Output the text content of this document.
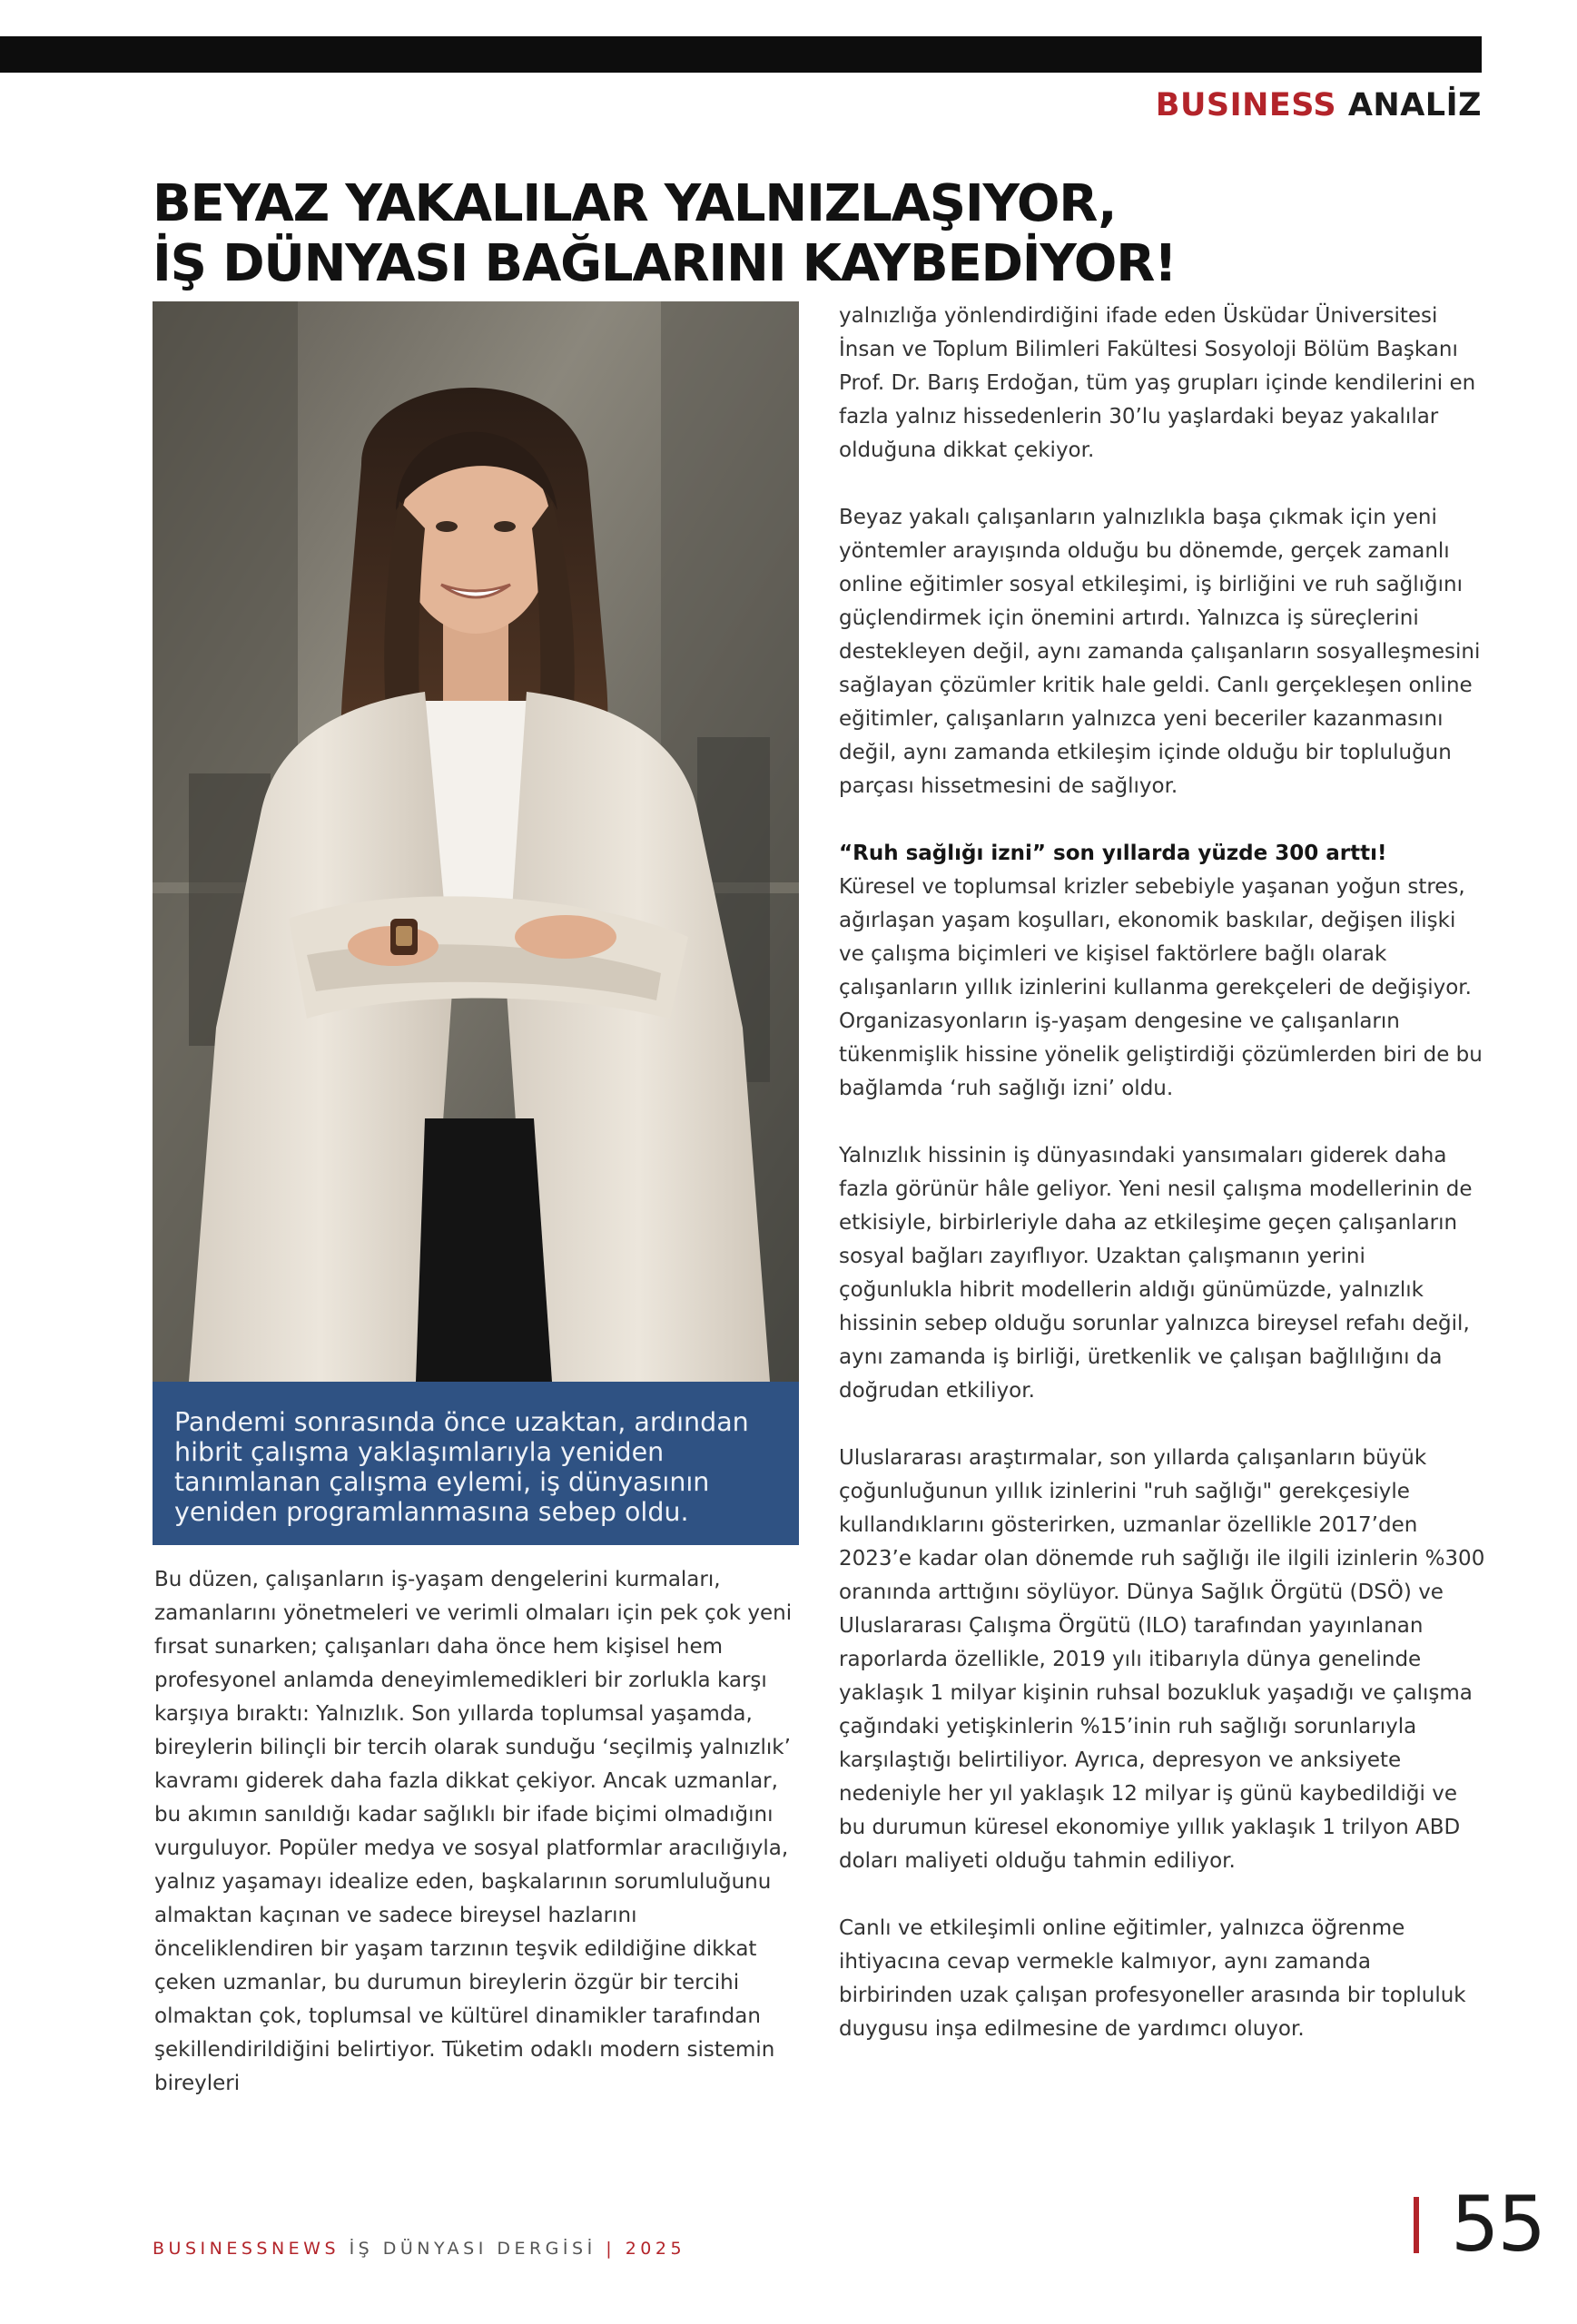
BUSINESS ANALİZ
BEYAZ YAKALILAR YALNIZLAŞIYOR,
İŞ DÜNYASI BAĞLARINI KAYBEDİYOR!
Pandemi sonrasında önce uzaktan, ardından hibrit çalışma yaklaşımlarıyla yeniden tanımlanan çalışma eylemi, iş dünyasının yeniden programlanmasına sebep oldu.

Bu düzen, çalışanların iş-yaşam dengelerini kurmaları, zamanlarını yönetmeleri ve verimli olmaları için pek çok yeni fırsat sunarken; çalışanları daha önce hem kişisel hem profesyonel anlamda deneyimlemedikleri bir zorlukla karşı karşıya bıraktı: Yalnızlık. Son yıllarda toplumsal yaşamda, bireylerin bilinçli bir tercih olarak sunduğu ‘seçilmiş yalnızlık’ kavramı giderek daha fazla dikkat çekiyor. Ancak uzmanlar, bu akımın sanıldığı kadar sağlıklı bir ifade biçimi olmadığını vurguluyor. Popüler medya ve sosyal platformlar aracılığıyla, yalnız yaşamayı idealize eden, başkalarının sorumluluğunu almaktan kaçınan ve sadece bireysel hazlarını önceliklendiren bir yaşam tarzının teşvik edildiğine dikkat çeken uzmanlar, bu durumun bireylerin özgür bir tercihi olmaktan çok, toplumsal ve kültürel dinamikler tarafından şekillendirildiğini belirtiyor. Tüketim odaklı modern sistemin bireyleri

yalnızlığa yönlendirdiğini ifade eden Üsküdar Üniversitesi İnsan ve Toplum Bilimleri Fakültesi Sosyoloji Bölüm Başkanı Prof. Dr. Barış Erdoğan, tüm yaş grupları içinde kendilerini en fazla yalnız hissedenlerin 30’lu yaşlardaki beyaz yakalılar olduğuna dikkat çekiyor.

Beyaz yakalı çalışanların yalnızlıkla başa çıkmak için yeni yöntemler arayışında olduğu bu dönemde, gerçek zamanlı online eğitimler sosyal etkileşimi, iş birliğini ve ruh sağlığını güçlendirmek için önemini artırdı. Yalnızca iş süreçlerini destekleyen değil, aynı zamanda çalışanların sosyalleşmesini sağlayan çözümler kritik hale geldi. Canlı gerçekleşen online eğitimler, çalışanların yalnızca yeni beceriler kazanmasını değil, aynı zamanda etkileşim içinde olduğu bir topluluğun parçası hissetmesini de sağlıyor.

“Ruh sağlığı izni” son yıllarda yüzde 300 arttı!
Küresel ve toplumsal krizler sebebiyle yaşanan yoğun stres, ağırlaşan yaşam koşulları, ekonomik baskılar, değişen ilişki ve çalışma biçimleri ve kişisel faktörlere bağlı olarak çalışanların yıllık izinlerini kullanma gerekçeleri de değişiyor. Organizasyonların iş-yaşam dengesine ve çalışanların tükenmişlik hissine yönelik geliştirdiği çözümlerden biri de bu bağlamda ‘ruh sağlığı izni’ oldu.

Yalnızlık hissinin iş dünyasındaki yansımaları giderek daha fazla görünür hâle geliyor. Yeni nesil çalışma modellerinin de etkisiyle, birbirleriyle daha az etkileşime geçen çalışanların sosyal bağları zayıflıyor. Uzaktan çalışmanın yerini çoğunlukla hibrit modellerin aldığı günümüzde, yalnızlık hissinin sebep olduğu sorunlar yalnızca bireysel refahı değil, aynı zamanda iş birliği, üretkenlik ve çalışan bağlılığını da doğrudan etkiliyor.

Uluslararası araştırmalar, son yıllarda çalışanların büyük çoğunluğunun yıllık izinlerini "ruh sağlığı" gerekçesiyle kullandıklarını gösterirken, uzmanlar özellikle 2017’den 2023’e kadar olan dönemde ruh sağlığı ile ilgili izinlerin %300 oranında arttığını söylüyor. Dünya Sağlık Örgütü (DSÖ) ve Uluslararası Çalışma Örgütü (ILO) tarafından yayınlanan raporlarda özellikle, 2019 yılı itibarıyla dünya genelinde yaklaşık 1 milyar kişinin ruhsal bozukluk yaşadığı ve çalışma çağındaki yetişkinlerin %15’inin ruh sağlığı sorunlarıyla karşılaştığı belirtiliyor. Ayrıca, depresyon ve anksiyete nedeniyle her yıl yaklaşık 12 milyar iş günü kaybedildiği ve bu durumun küresel ekonomiye yıllık yaklaşık 1 trilyon ABD doları maliyeti olduğu tahmin ediliyor.

Canlı ve etkileşimli online eğitimler, yalnızca öğrenme ihtiyacına cevap vermekle kalmıyor, aynı zamanda birbirinden uzak çalışan profesyoneller arasında bir topluluk duygusu inşa edilmesine de yardımcı oluyor.

BUSINESSNEWS İŞ DÜNYASI DERGİSİ | 2025	55
